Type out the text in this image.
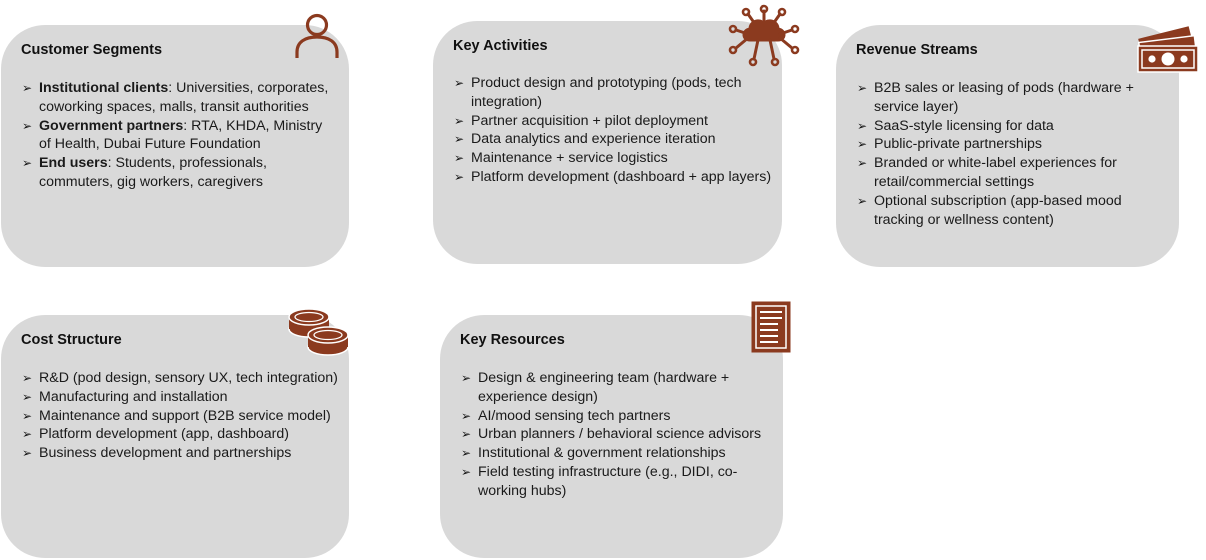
Customer Segments
➢ Institutional clients: Universities, corporates, coworking spaces, malls, transit authorities
➢ Government partners: RTA, KHDA, Ministry of Health, Dubai Future Foundation
➢ End users: Students, professionals, commuters, gig workers, caregivers
Key Activities
➢ Product design and prototyping (pods, tech integration)
➢ Partner acquisition + pilot deployment
➢ Data analytics and experience iteration
➢ Maintenance + service logistics
➢ Platform development (dashboard + app layers)
Revenue Streams
➢ B2B sales or leasing of pods (hardware + service layer)
➢ SaaS-style licensing for data
➢ Public-private partnerships
➢ Branded or white-label experiences for retail/commercial settings
➢ Optional subscription (app-based mood tracking or wellness content)
Cost Structure
➢ R&D (pod design, sensory UX, tech integration)
➢ Manufacturing and installation
➢ Maintenance and support (B2B service model)
➢ Platform development (app, dashboard)
➢ Business development and partnerships
Key Resources
➢ Design & engineering team (hardware + experience design)
➢ AI/mood sensing tech partners
➢ Urban planners / behavioral science advisors
➢ Institutional & government relationships
➢ Field testing infrastructure (e.g., DIDI, co-working hubs)
